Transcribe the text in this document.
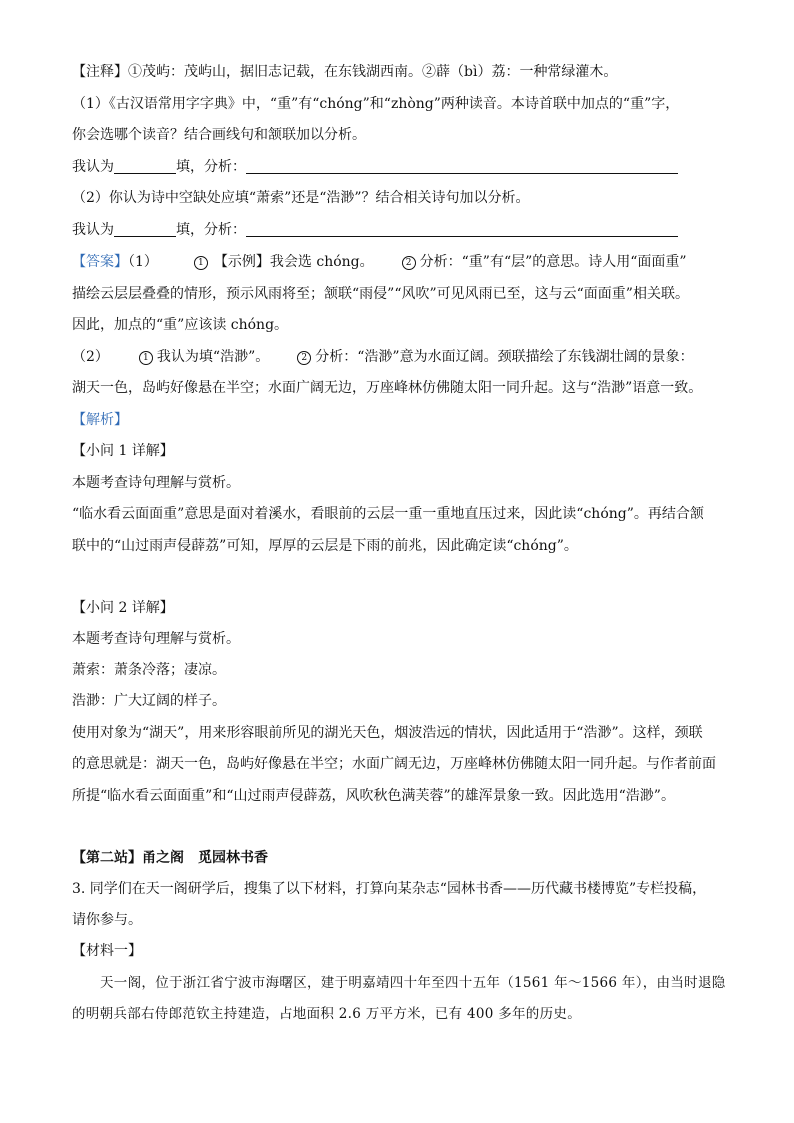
【注释】①茂屿：茂屿山，据旧志记载，在东钱湖西南。②薜（bì）荔：一种常绿灌木。
（1）《古汉语常用字字典》中，“重”有“chóng”和“zhòng”两种读音。本诗首联中加点的“重”字，
你会选哪个读音？结合画线句和颔联加以分析。
我认为	填，分析：
（2）你认为诗中空缺处应填“萧索”还是“浩渺”？结合相关诗句加以分析。
我认为	填，分析：
【答案】（1）	1 【示例】我会选 chóng。	2 分析：“重”有“层”的意思。诗人用“面面重”
描绘云层层叠叠的情形，预示风雨将至；颔联“雨侵”“风吹”可见风雨已至，这与云“面面重”相关联。
因此，加点的“重”应该读 chóng。
（2）	1 我认为填“浩渺”。	2 分析：“浩渺”意为水面辽阔。颈联描绘了东钱湖壮阔的景象：
湖天一色，岛屿好像悬在半空；水面广阔无边，万座峰林仿佛随太阳一同升起。这与“浩渺”语意一致。
【解析】
【小问 1 详解】
本题考查诗句理解与赏析。
“临水看云面面重”意思是面对着溪水，看眼前的云层一重一重地直压过来，因此读“chóng”。再结合颔
联中的“山过雨声侵薜荔”可知，厚厚的云层是下雨的前兆，因此确定读“chóng”。
【小问 2 详解】
本题考查诗句理解与赏析。
萧索：萧条冷落；凄凉。
浩渺：广大辽阔的样子。
使用对象为“湖天”，用来形容眼前所见的湖光天色，烟波浩远的情状，因此适用于“浩渺”。这样，颈联
的意思就是：湖天一色，岛屿好像悬在半空；水面广阔无边，万座峰林仿佛随太阳一同升起。与作者前面
所提“临水看云面面重”和“山过雨声侵薜荔，风吹秋色满芙蓉”的雄浑景象一致。因此选用“浩渺”。
【第二站】甬之阁　觅园林书香
3. 同学们在天一阁研学后，搜集了以下材料，打算向某杂志“园林书香——历代藏书楼博览”专栏投稿，
请你参与。
【材料一】
天一阁，位于浙江省宁波市海曙区，建于明嘉靖四十年至四十五年（1561 年～1566 年），由当时退隐
的明朝兵部右侍郎范钦主持建造，占地面积 2.6 万平方米，已有 400 多年的历史。
